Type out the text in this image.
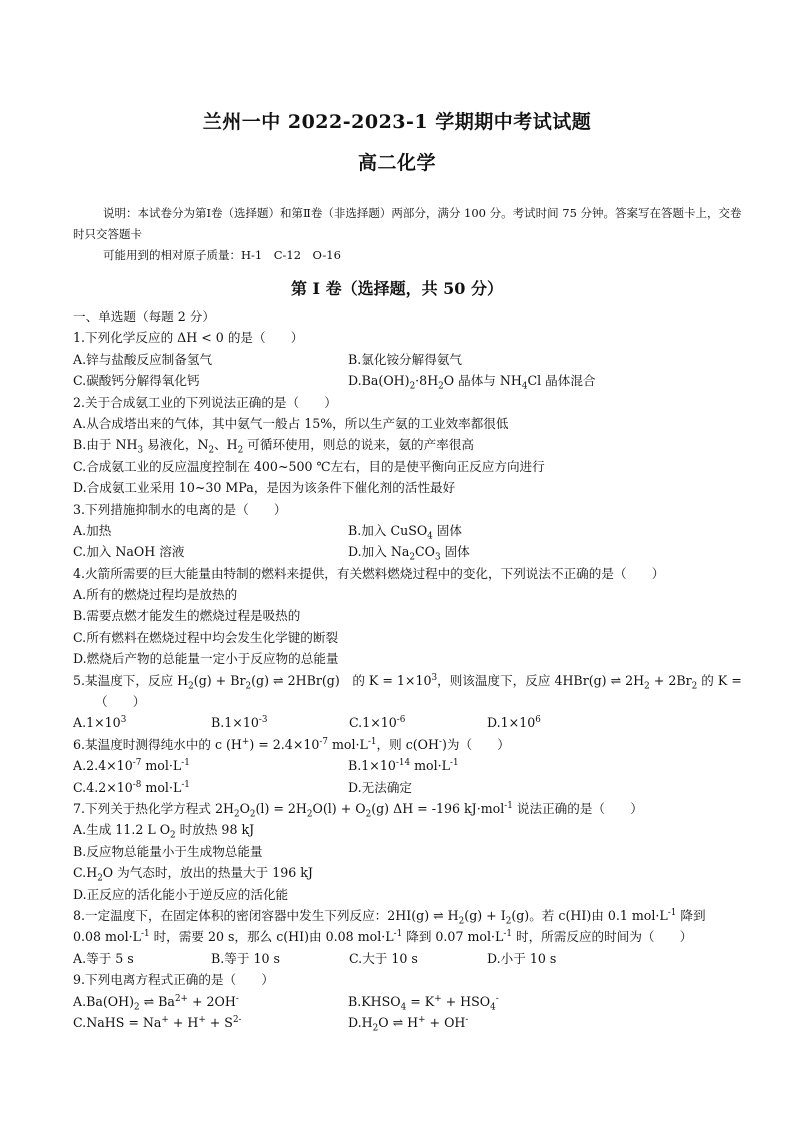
兰州一中 2022-2023-1 学期期中考试试题
高二化学

说明：本试卷分为第Ⅰ卷（选择题）和第Ⅱ卷（非选择题）两部分，满分 100 分。考试时间 75 分钟。答案写在答题卡上，交卷时只交答题卡

可能用到的相对原子质量：H-1　C-12　O-16

第 I 卷（选择题，共 50 分）
一、单选题（每题 2 分）
1.下列化学反应的 ΔH < 0 的是（　　）
A.锌与盐酸反应制备氢气	B.氯化铵分解得氨气
C.碳酸钙分解得氧化钙	$D.Ba(OH)_2\cdot 8H_2O$ 晶体与 $NH_4Cl$ 晶体混合
2.关于合成氨工业的下列说法正确的是（　　）
A.从合成塔出来的气体，其中氨气一般占 15%，所以生产氨的工业效率都很低
B.由于 $NH_3$ 易液化，$N_2$、$H_2$ 可循环使用，则总的说来，氨的产率很高
C.合成氨工业的反应温度控制在 400~500 ℃左右，目的是使平衡向正反应方向进行
D.合成氨工业采用 10~30 MPa，是因为该条件下催化剂的活性最好
3.下列措施抑制水的电离的是（　　）
A.加热	B.加入 CuSO$_4$ 固体
C.加入 NaOH 溶液	D.加入 $Na_2CO_3$ 固体
4.火箭所需要的巨大能量由特制的燃料来提供，有关燃料燃烧过程中的变化，下列说法不正确的是（　　）
A.所有的燃烧过程均是放热的
B.需要点燃才能发生的燃烧过程是吸热的
C.所有燃料在燃烧过程中均会发生化学键的断裂
D.燃烧后产物的总能量一定小于反应物的总能量
5.某温度下，反应 $H_2(g) + Br_2(g)$ ⇌ 2HBr(g)　的 $K = 1\times 10^3$，则该温度下，反应 4HBr(g) ⇌ $2H_2 + 2Br_2$ 的 K =
（　　）
$A.1\times 10^3$	$B.1\times 10^{-3}$	$C.1\times 10^{-6}$	$D.1\times 10^6$
6.某温度时测得纯水中的 c $(H^+) = 2.4\times 10^{-7}$ $mol\cdot L^{-1}$，则 c(OH-)为（　　）
$A.2.4\times 10^{-7}$ $mol\cdot L^{-1}$	$B.1\times 10^{-14}$ $mol\cdot L^{-1}$
$C.4.2\times 10^{-8}$ $mol\cdot L^{-1}$	D.无法确定
7.下列关于热化学方程式 $2H_2O_2(l) = 2H_2O(l) + O_2(g) \Delta H = -196$ kJ·mol$^{-1}$ 说法正确的是（　　）
A.生成 11.2 L $O_2$ 时放热 98 kJ
B.反应物总能量小于生成物总能量
$C.H_2O$ 为气态时，放出的热量大于 196 kJ
D.正反应的活化能小于逆反应的活化能
8.一定温度下，在固定体积的密闭容器中发生下列反应：2HI(g) ⇌ $H_2(g) + I_2(g)$。若 c(HI)由 0.1 $mol\cdot L^{-1}$ 降到
0.08 $mol\cdot L^{-1}$ 时，需要 20 s，那么 c(HI)由 0.08 $mol\cdot L^{-1}$ 降到 0.07 $mol\cdot L^{-1}$ 时，所需反应的时间为（　　）
A.等于 5 s	B.等于 10 s	C.大于 10 s	D.小于 10 s
9.下列电离方程式正确的是（　　）
$A.Ba(OH)_2$ ⇌ $Ba^{2+} + 2OH^-$	$B.KHSO_4 = K^+ + HSO_4^-$
C.NaHS = $Na^+ + H^+ + S^{2-}$	$D.H_2O$ ⇌ H+ + OH-
